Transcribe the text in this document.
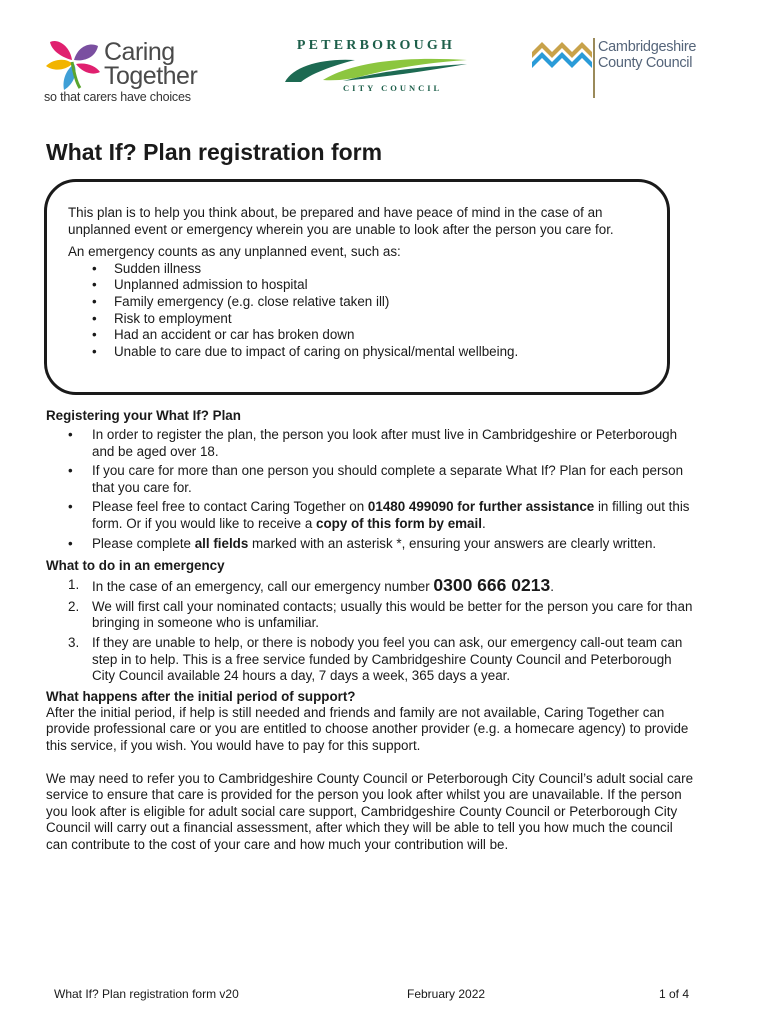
Caring
Together
so that carers have choices
PETERBOROUGH
CITY COUNCIL
Cambridgeshire
County Council
What If? Plan registration form

This plan is to help you think about, be prepared and have peace of mind in the case of an unplanned event or emergency wherein you are unable to look after the person you care for.

An emergency counts as any unplanned event, such as:

• Sudden illness
• Unplanned admission to hospital
• Family emergency (e.g. close relative taken ill)
• Risk to employment
• Had an accident or car has broken down
• Unable to care due to impact of caring on physical/mental wellbeing.
Registering your What If? Plan
• In order to register the plan, the person you look after must live in Cambridgeshire or Peterborough and be aged over 18.
• If you care for more than one person you should complete a separate What If? Plan for each person that you care for.
• Please feel free to contact Caring Together on 01480 499090 for further assistance in filling out this form. Or if you would like to receive a copy of this form by email.
• Please complete all fields marked with an asterisk *, ensuring your answers are clearly written.
What to do in an emergency
1. In the case of an emergency, call our emergency number 0300 666 0213.
2. We will first call your nominated contacts; usually this would be better for the person you care for than bringing in someone who is unfamiliar.
3. If they are unable to help, or there is nobody you feel you can ask, our emergency call-out team can step in to help. This is a free service funded by Cambridgeshire County Council and Peterborough City Council available 24 hours a day, 7 days a week, 365 days a year.
What happens after the initial period of support?

After the initial period, if help is still needed and friends and family are not available, Caring Together can provide professional care or you are entitled to choose another provider (e.g. a homecare agency) to provide this service, if you wish. You would have to pay for this support.

We may need to refer you to Cambridgeshire County Council or Peterborough City Council’s adult social care service to ensure that care is provided for the person you look after whilst you are unavailable. If the person you look after is eligible for adult social care support, Cambridgeshire County Council or Peterborough City Council will carry out a financial assessment, after which they will be able to tell you how much the council can contribute to the cost of your care and how much your contribution will be.

What If? Plan registration form v20	February 2022	1 of 4
